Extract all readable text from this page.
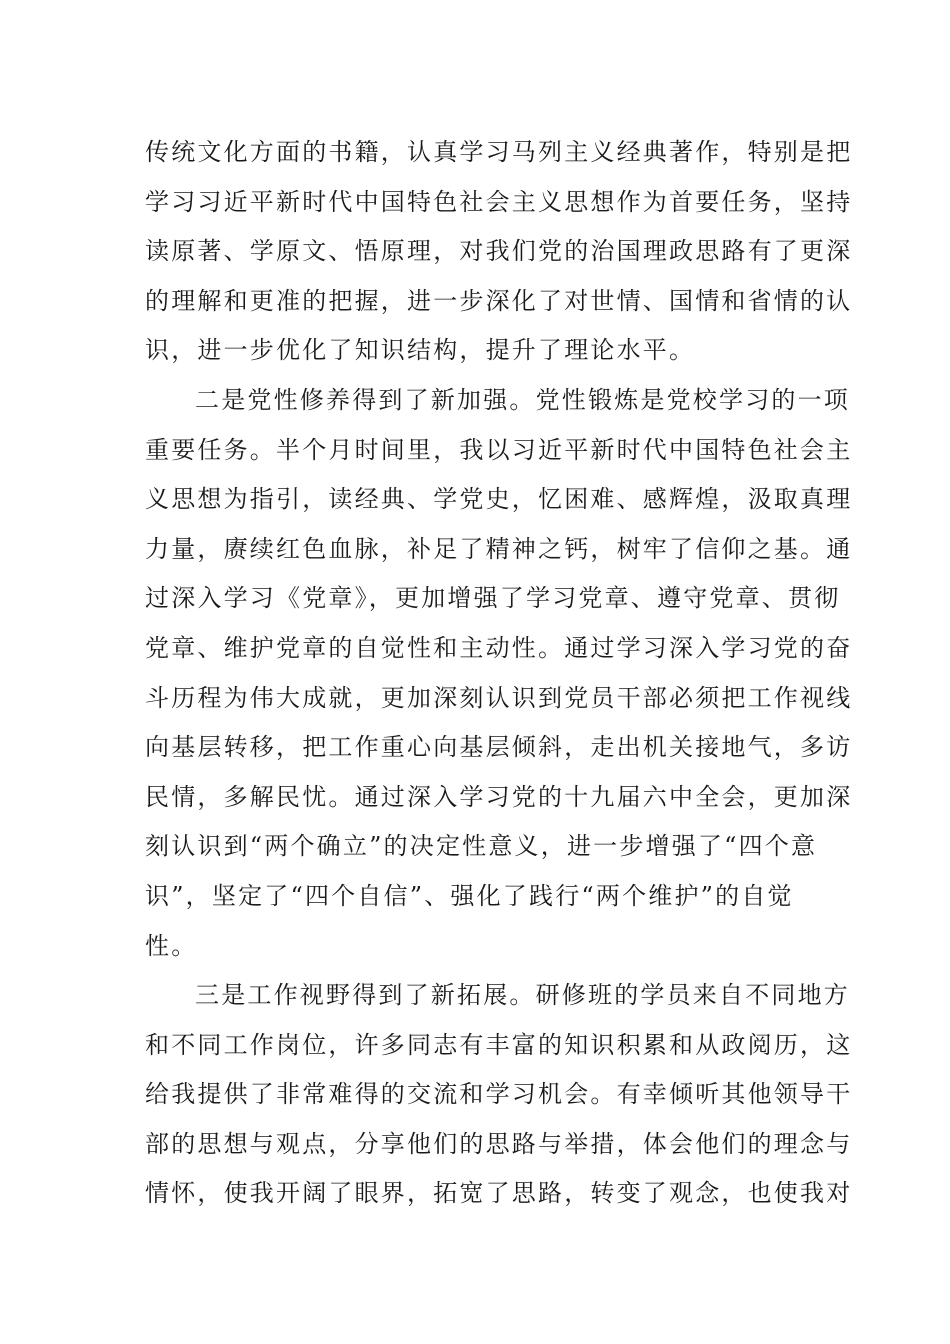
传统文化方面的书籍，认真学习马列主义经典著作，特别是把
学习习近平新时代中国特色社会主义思想作为首要任务，坚持
读原著、学原文、悟原理，对我们党的治国理政思路有了更深
的理解和更准的把握，进一步深化了对世情、国情和省情的认
识，进一步优化了知识结构，提升了理论水平。
二是党性修养得到了新加强。党性锻炼是党校学习的一项
重要任务。半个月时间里，我以习近平新时代中国特色社会主
义思想为指引，读经典、学党史，忆困难、感辉煌，汲取真理
力量，赓续红色血脉，补足了精神之钙，树牢了信仰之基。通
过深入学习《党章》，更加增强了学习党章、遵守党章、贯彻
党章、维护党章的自觉性和主动性。通过学习深入学习党的奋
斗历程为伟大成就，更加深刻认识到党员干部必须把工作视线
向基层转移，把工作重心向基层倾斜，走出机关接地气，多访
民情，多解民忧。通过深入学习党的十九届六中全会，更加深
刻认识到“两个确立”的决定性意义，进一步增强了“四个意
识”，坚定了“四个自信”、强化了践行“两个维护”的自觉
性。
三是工作视野得到了新拓展。研修班的学员来自不同地方
和不同工作岗位，许多同志有丰富的知识积累和从政阅历，这
给我提供了非常难得的交流和学习机会。有幸倾听其他领导干
部的思想与观点，分享他们的思路与举措，体会他们的理念与
情怀，使我开阔了眼界，拓宽了思路，转变了观念，也使我对
